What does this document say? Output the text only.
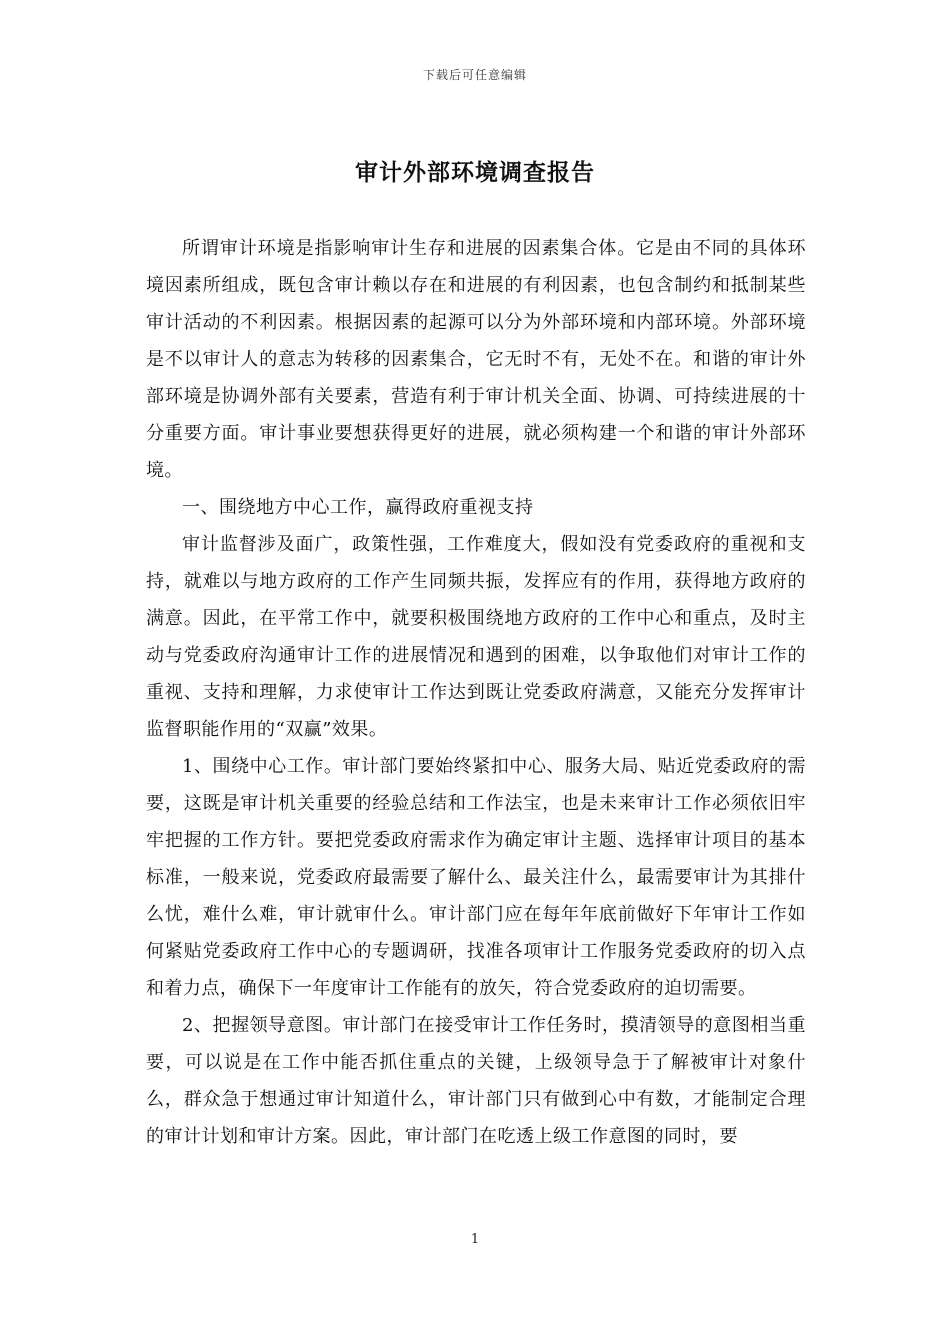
下载后可任意编辑
审计外部环境调查报告

所谓审计环境是指影响审计生存和进展的因素集合体。它是由不同的具体环境因素所组成，既包含审计赖以存在和进展的有利因素，也包含制约和抵制某些审计活动的不利因素。根据因素的起源可以分为外部环境和内部环境。外部环境是不以审计人的意志为转移的因素集合，它无时不有，无处不在。和谐的审计外部环境是协调外部有关要素，营造有利于审计机关全面、协调、可持续进展的十分重要方面。审计事业要想获得更好的进展，就必须构建一个和谐的审计外部环境。

一、围绕地方中心工作，赢得政府重视支持

审计监督涉及面广，政策性强，工作难度大，假如没有党委政府的重视和支持，就难以与地方政府的工作产生同频共振，发挥应有的作用，获得地方政府的满意。因此，在平常工作中，就要积极围绕地方政府的工作中心和重点，及时主动与党委政府沟通审计工作的进展情况和遇到的困难，以争取他们对审计工作的重视、支持和理解，力求使审计工作达到既让党委政府满意，又能充分发挥审计监督职能作用的“双赢”效果。

1、围绕中心工作。审计部门要始终紧扣中心、服务大局、贴近党委政府的需要，这既是审计机关重要的经验总结和工作法宝，也是未来审计工作必须依旧牢牢把握的工作方针。要把党委政府需求作为确定审计主题、选择审计项目的基本标准，一般来说，党委政府最需要了解什么、最关注什么，最需要审计为其排什么忧，难什么难，审计就审什么。审计部门应在每年年底前做好下年审计工作如何紧贴党委政府工作中心的专题调研，找准各项审计工作服务党委政府的切入点和着力点，确保下一年度审计工作能有的放矢，符合党委政府的迫切需要。

2、把握领导意图。审计部门在接受审计工作任务时，摸清领导的意图相当重要，可以说是在工作中能否抓住重点的关键，上级领导急于了解被审计对象什么，群众急于想通过审计知道什么，审计部门只有做到心中有数，才能制定合理的审计计划和审计方案。因此，审计部门在吃透上级工作意图的同时，要

1
